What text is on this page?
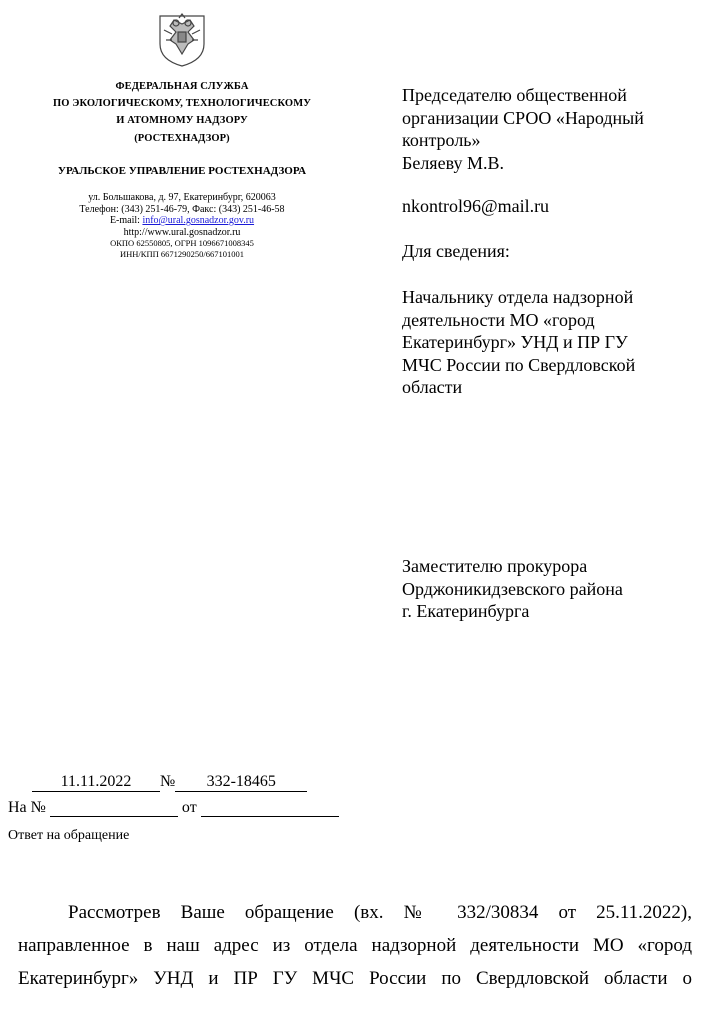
ФЕДЕРАЛЬНАЯ СЛУЖБА
ПО ЭКОЛОГИЧЕСКОМУ, ТЕХНОЛОГИЧЕСКОМУ
И АТОМНОМУ НАДЗОРУ
(РОСТЕХНАДЗОР)
УРАЛЬСКОЕ УПРАВЛЕНИЕ РОСТЕХНАДЗОРА
ул. Большакова, д. 97, Екатеринбург, 620063
Телефон: (343) 251-46-79, Факс: (343) 251-46-58
E-mail: info@ural.gosnadzor.gov.ru
http://www.ural.gosnadzor.ru
ОКПО 62550805, ОГРН 1096671008345
ИНН/КПП 6671290250/667101001
Председателю общественной
организации СРОО «Народный
контроль»
Беляеву М.В.
nkontrol96@mail.ru
Для сведения:
Начальнику отдела надзорной
деятельности МО «город
Екатеринбург» УНД и ПР ГУ
МЧС России по Свердловской
области
Заместителю прокурора
Орджоникидзевского района
г. Екатеринбурга
11.11.2022 № 332-18465
На №	от
Ответ на обращение
Рассмотрев Ваше обращение (вх. № 332/30834 от 25.11.2022),
направленное в наш адрес из отдела надзорной деятельности МО «город
Екатеринбург» УНД и ПР ГУ МЧС России по Свердловской области о
